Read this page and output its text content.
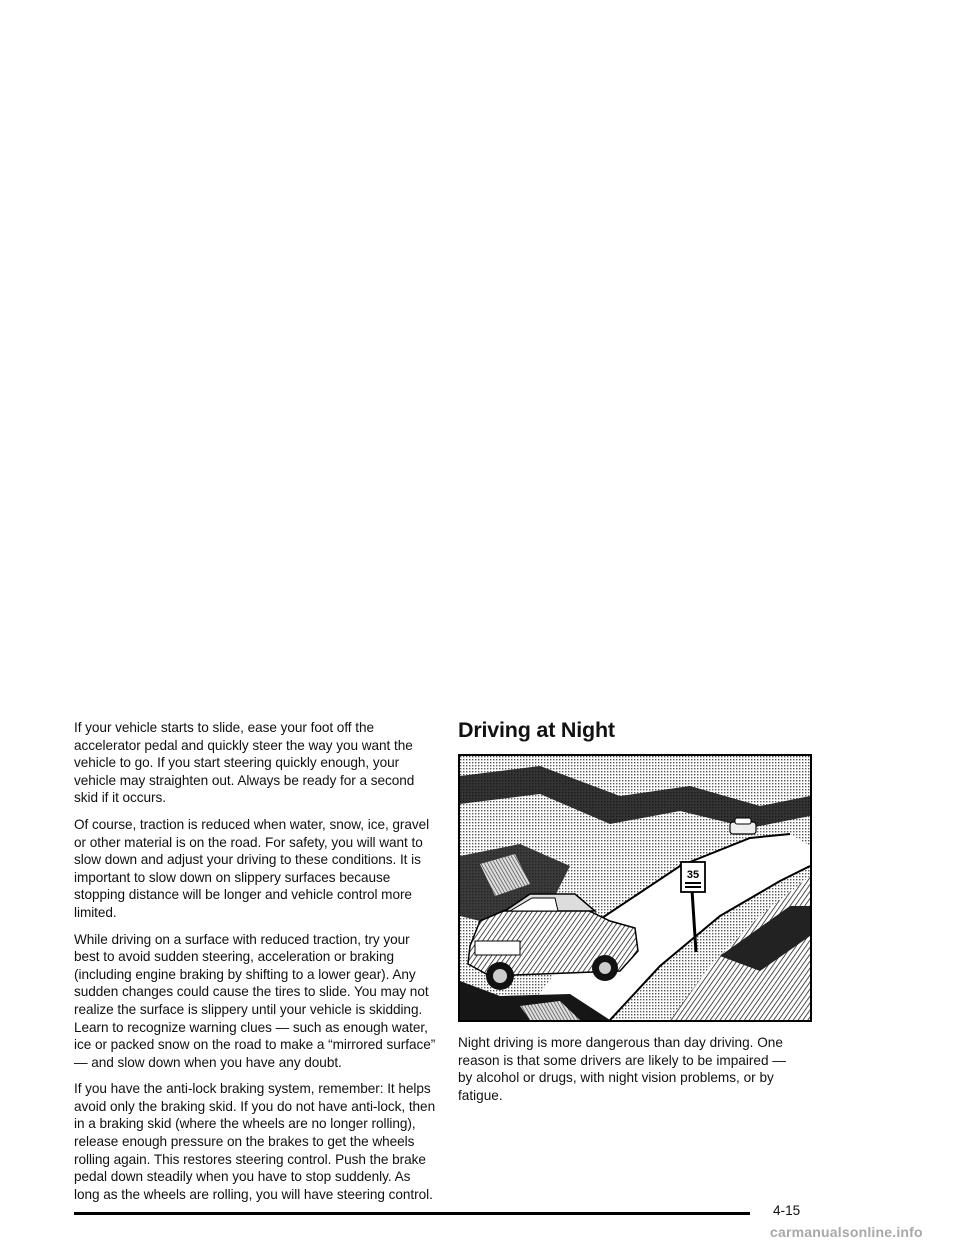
If your vehicle starts to slide, ease your foot off the accelerator pedal and quickly steer the way you want the vehicle to go. If you start steering quickly enough, your vehicle may straighten out. Always be ready for a second skid if it occurs.

Of course, traction is reduced when water, snow, ice, gravel or other material is on the road. For safety, you will want to slow down and adjust your driving to these conditions. It is important to slow down on slippery surfaces because stopping distance will be longer and vehicle control more limited.

While driving on a surface with reduced traction, try your best to avoid sudden steering, acceleration or braking (including engine braking by shifting to a lower gear). Any sudden changes could cause the tires to slide. You may not realize the surface is slippery until your vehicle is skidding. Learn to recognize warning clues — such as enough water, ice or packed snow on the road to make a “mirrored surface” — and slow down when you have any doubt.

If you have the anti-lock braking system, remember: It helps avoid only the braking skid. If you do not have anti-lock, then in a braking skid (where the wheels are no longer rolling), release enough pressure on the brakes to get the wheels rolling again. This restores steering control. Push the brake pedal down steadily when you have to stop suddenly. As long as the wheels are rolling, you will have steering control.

Driving at Night
35
Night driving is more dangerous than day driving. One reason is that some drivers are likely to be impaired — by alcohol or drugs, with night vision problems, or by fatigue.
4-15
carmanualsonline.info
